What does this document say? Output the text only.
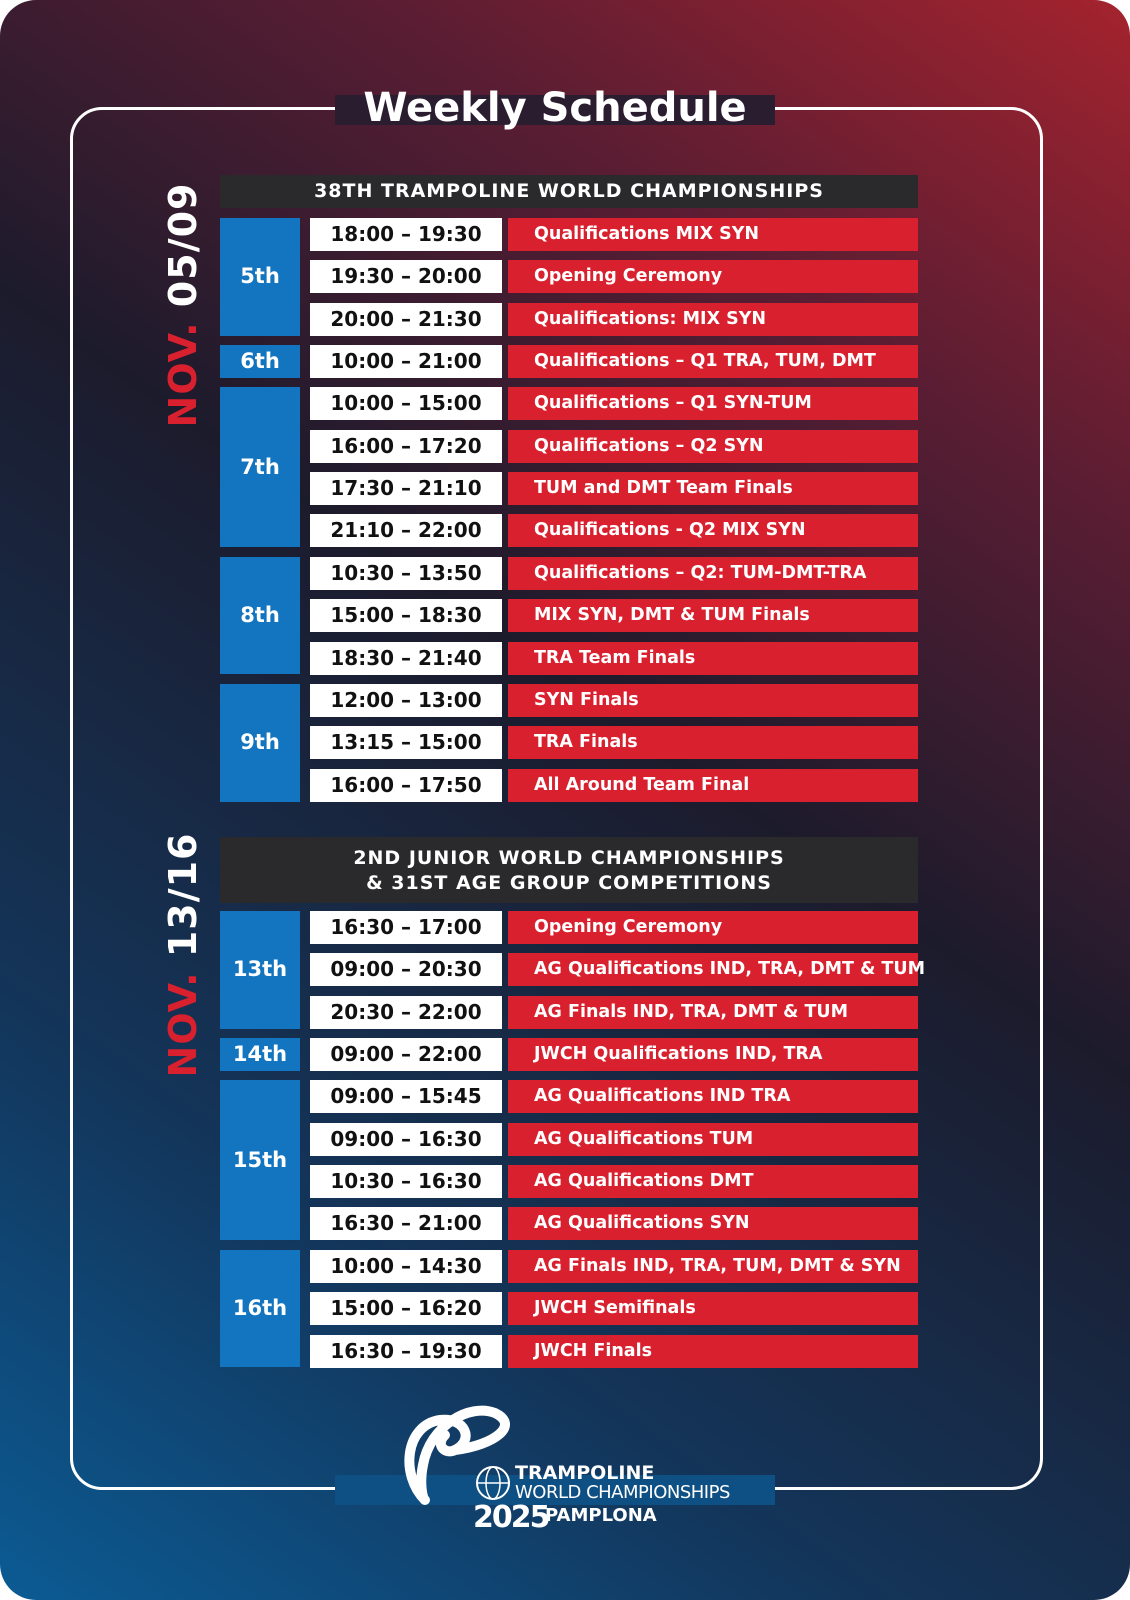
Weekly Schedule
38TH TRAMPOLINE WORLD CHAMPIONSHIPS
NOV. 05/09	5th
18:00 – 19:30	Qualifications MIX SYN
19:30 – 20:00	Opening Ceremony
20:00 – 21:30	Qualifications: MIX SYN
6th	10:00 – 21:00	Qualifications – Q1 TRA, TUM, DMT
7th
10:00 – 15:00	Qualifications – Q1 SYN-TUM
16:00 – 17:20	Qualifications – Q2 SYN
17:30 – 21:10	TUM and DMT Team Finals
21:10 – 22:00	Qualifications - Q2 MIX SYN
8th
10:30 – 13:50	Qualifications – Q2: TUM-DMT-TRA
15:00 – 18:30	MIX SYN, DMT & TUM Finals
18:30 – 21:40	TRA Team Finals
9th
12:00 – 13:00	SYN Finals
13:15 – 15:00	TRA Finals
16:00 – 17:50	All Around Team Final
2ND JUNIOR WORLD CHAMPIONSHIPS
& 31ST AGE GROUP COMPETITIONS
NOV. 13/16
13th
16:30 – 17:00	Opening Ceremony
09:00 – 20:30	AG Qualifications IND, TRA, DMT & TUM
20:30 – 22:00	AG Finals IND, TRA, DMT & TUM
14th	09:00 – 22:00	JWCH Qualifications IND, TRA
15th
09:00 – 15:45	AG Qualifications IND TRA
09:00 – 16:30	AG Qualifications TUM
10:30 – 16:30	AG Qualifications DMT
16:30 – 21:00	AG Qualifications SYN
16th
10:00 – 14:30	AG Finals IND, TRA, TUM, DMT & SYN
15:00 – 16:20	JWCH Semifinals
16:30 – 19:30	JWCH Finals
TRAMPOLINE
WORLD CHAMPIONSHIPS
2025
PAMPLONA
